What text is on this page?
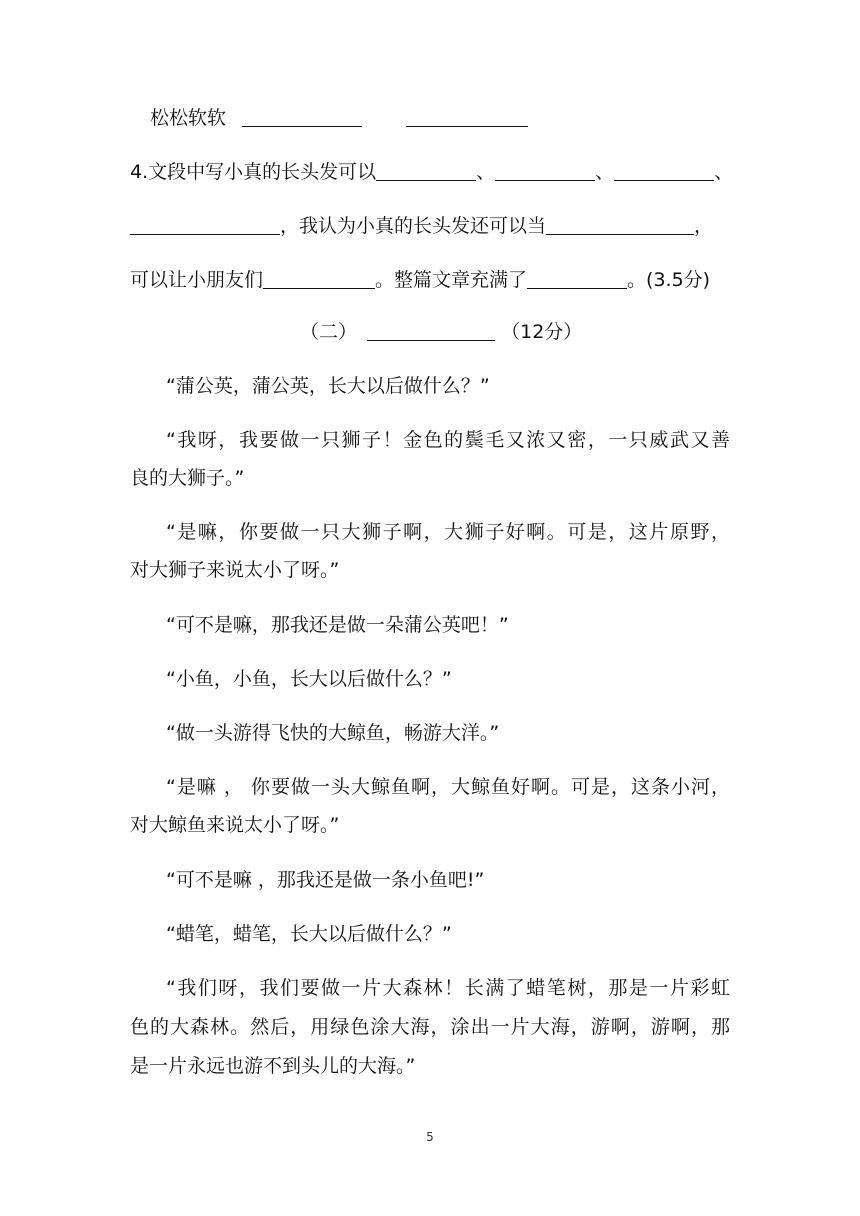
松松软软
4.文段中写小真的长头发可以	、	、	、
，我认为小真的长头发还可以当	，
可以让小朋友们	。整篇文章充满了	。(3.5分)
（二）	（12分）
“蒲公英，蒲公英，长大以后做什么？”
“我呀，我要做一只狮子！金色的鬓毛又浓又密，一只威武又善
良的大狮子。”
“是嘛，你要做一只大狮子啊，大狮子好啊。可是，这片原野，
对大狮子来说太小了呀。”
“可不是嘛，那我还是做一朵蒲公英吧！”
“小鱼，小鱼，长大以后做什么？”
“做一头游得飞快的大鲸鱼，畅游大洋。”
“是嘛 ， 你要做一头大鲸鱼啊，大鲸鱼好啊。可是，这条小河，
对大鲸鱼来说太小了呀。”
“可不是嘛 ，那我还是做一条小鱼吧!”
“蜡笔，蜡笔，长大以后做什么？”
“我们呀，我们要做一片大森林！长满了蜡笔树，那是一片彩虹
色的大森林。然后，用绿色涂大海，涂出一片大海，游啊，游啊，那
是一片永远也游不到头儿的大海。”
5
